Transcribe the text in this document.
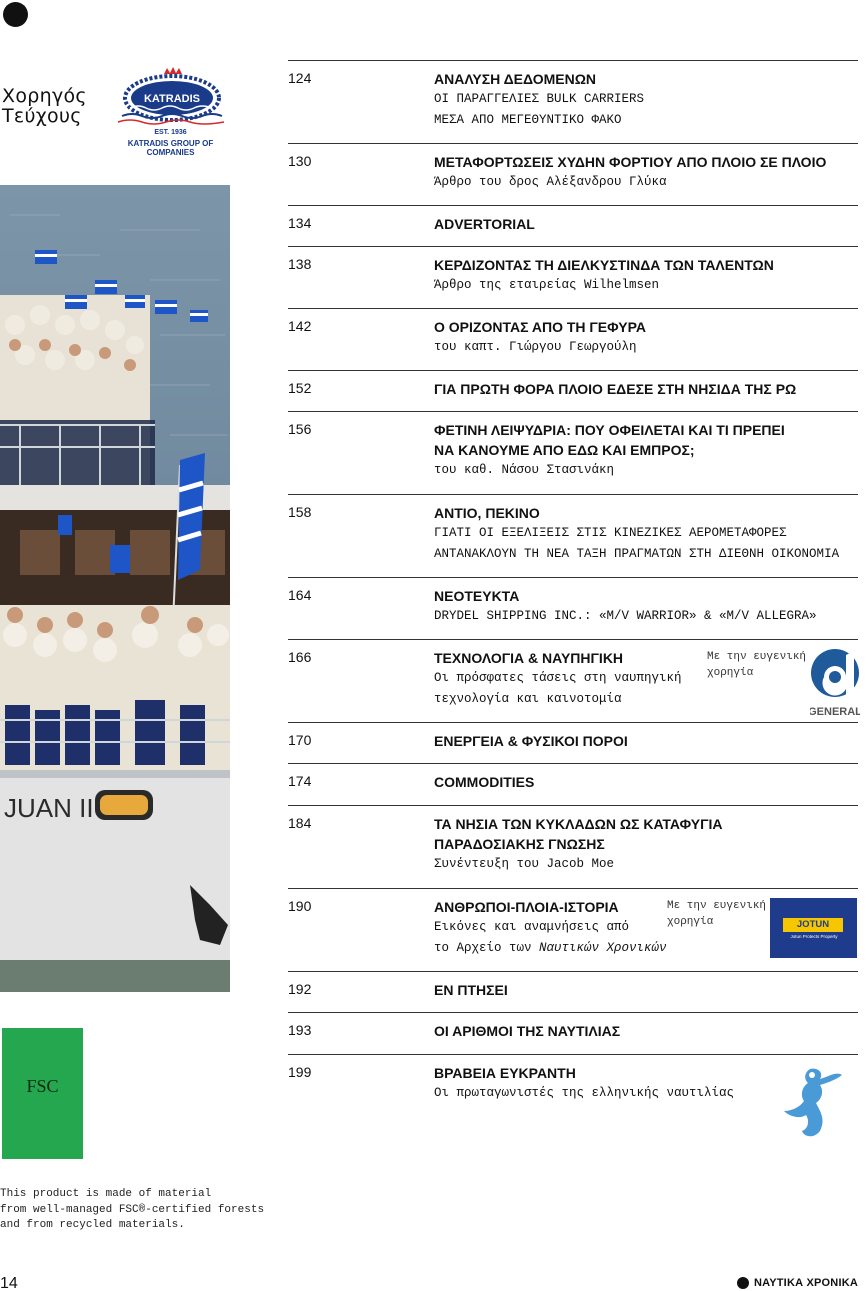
Χορηγός
Τεύχους
KATRADIS
EST. 1936
KATRADIS GROUP OF COMPANIES
JUAN II
FSC
This product is made of material
from well-managed FSC®-certified forests
and from recycled materials.
14	ΝΑΥΤΙΚΑ ΧΡΟΝΙΚΑ
124	ΑΝΑΛΥΣΗ ΔΕΔΟΜΕΝΩΝ
ΟΙ ΠΑΡΑΓΓΕΛΙΕΣ BULK CARRIERS
ΜΕΣΑ ΑΠΟ ΜΕΓΕΘΥΝΤΙΚΟ ΦΑΚΟ
130	ΜΕΤΑΦΟΡΤΩΣΕΙΣ ΧΥΔΗΝ ΦΟΡΤΙΟΥ ΑΠΟ ΠΛΟΙΟ ΣΕ ΠΛΟΙΟ
Άρθρο του δρος Αλέξανδρου Γλύκα
134	ADVERTORIAL
138	ΚΕΡΔΙΖΟΝΤΑΣ ΤΗ ΔΙΕΛΚΥΣΤΙΝΔΑ ΤΩΝ ΤΑΛΕΝΤΩΝ
Άρθρο της εταιρείας Wilhelmsen
142	Ο ΟΡΙΖΟΝΤΑΣ ΑΠΟ ΤΗ ΓΕΦΥΡΑ
του καπτ. Γιώργου Γεωργούλη
152	ΓΙΑ ΠΡΩΤΗ ΦΟΡΑ ΠΛΟΙΟ ΕΔΕΣΕ ΣΤΗ ΝΗΣΙΔΑ ΤΗΣ ΡΩ
156	ΦΕΤΙΝΗ ΛΕΙΨΥΔΡΙΑ: ΠΟΥ ΟΦΕΙΛΕΤΑΙ ΚΑΙ ΤΙ ΠΡΕΠΕΙ
ΝΑ ΚΑΝΟΥΜΕ ΑΠΟ ΕΔΩ ΚΑΙ ΕΜΠΡΟΣ;
του καθ. Νάσου Στασινάκη
158	ΑΝΤΙΟ, ΠΕΚΙΝΟ
ΓΙΑΤΙ ΟΙ ΕΞΕΛΙΞΕΙΣ ΣΤΙΣ ΚΙΝΕΖΙΚΕΣ ΑΕΡΟΜΕΤΑΦΟΡΕΣ
ΑΝΤΑΝΑΚΛΟΥΝ ΤΗ ΝΕΑ ΤΑΞΗ ΠΡΑΓΜΑΤΩΝ ΣΤΗ ΔΙΕΘΝΗ ΟΙΚΟΝΟΜΙΑ
164	ΝΕΟΤΕΥΚΤΑ
DRYDEL SHIPPING INC.: «M/V WARRIOR» & «M/V ALLEGRA»
166	ΤΕΧΝΟΛΟΓΙΑ & ΝΑΥΠΗΓΙΚΗ
Οι πρόσφατες τάσεις στη ναυπηγική
τεχνολογία και καινοτομία
Με την ευγενική
χορηγία
170	ΕΝΕΡΓΕΙΑ & ΦΥΣΙΚΟΙ ΠΟΡΟΙ
174	COMMODITIES
184	ΤΑ ΝΗΣΙΑ ΤΩΝ ΚΥΚΛΑΔΩΝ ΩΣ ΚΑΤΑΦΥΓΙΑ
ΠΑΡΑΔΟΣΙΑΚΗΣ ΓΝΩΣΗΣ
Συνέντευξη του Jacob Moe
190	ΑΝΘΡΩΠΟΙ-ΠΛΟΙΑ-ΙΣΤΟΡΙΑ
Εικόνες και αναμνήσεις από
το Αρχείο των Ναυτικών Χρονικών
Με την ευγενική
χορηγία
192	ΕΝ ΠΤΗΣΕΙ
193	ΟΙ ΑΡΙΘΜΟΙ ΤΗΣ ΝΑΥΤΙΛΙΑΣ
199	ΒΡΑΒΕΙΑ ΕΥΚΡΑΝΤΗ
Οι πρωταγωνιστές της ελληνικής ναυτιλίας
GENERAL
JOTUN
Jotun Protects Property
